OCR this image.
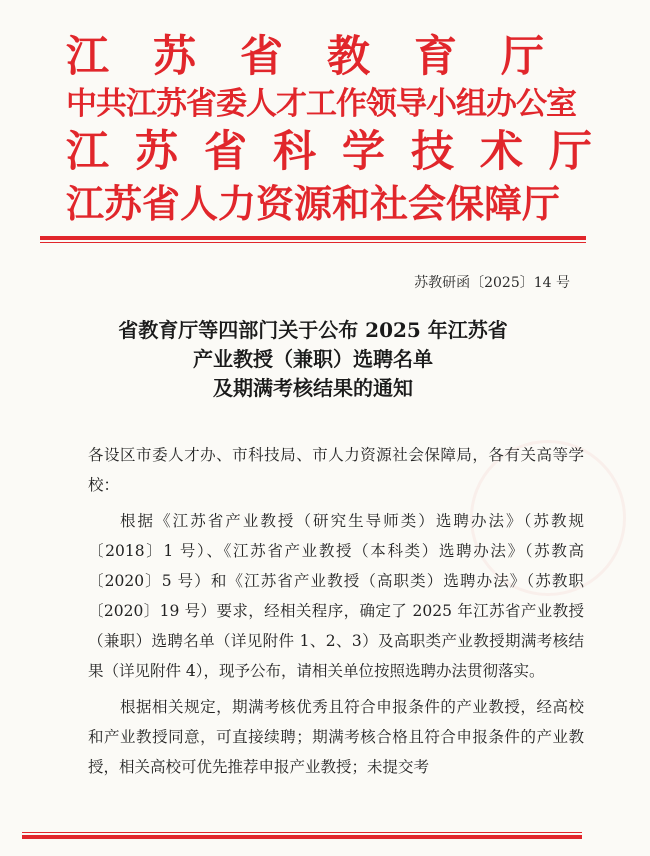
江苏省教育厅
中共江苏省委人才工作领导小组办公室
江苏省科学技术厅
江苏省人力资源和社会保障厅
苏教研函〔2025〕14 号
省教育厅等四部门关于公布 2025 年江苏省
产业教授（兼职）选聘名单
及期满考核结果的通知

各设区市委人才办、市科技局、市人力资源社会保障局，各有关高等学校：

根据《江苏省产业教授（研究生导师类）选聘办法》（苏教规〔2018〕1 号）、《江苏省产业教授（本科类）选聘办法》（苏教高〔2020〕5 号）和《江苏省产业教授（高职类）选聘办法》（苏教职〔2020〕19 号）要求，经相关程序，确定了 2025 年江苏省产业教授（兼职）选聘名单（详见附件 1、2、3）及高职类产业教授期满考核结果（详见附件 4），现予公布，请相关单位按照选聘办法贯彻落实。

根据相关规定，期满考核优秀且符合申报条件的产业教授，经高校和产业教授同意，可直接续聘；期满考核合格且符合申报条件的产业教授，相关高校可优先推荐申报产业教授；未提交考
